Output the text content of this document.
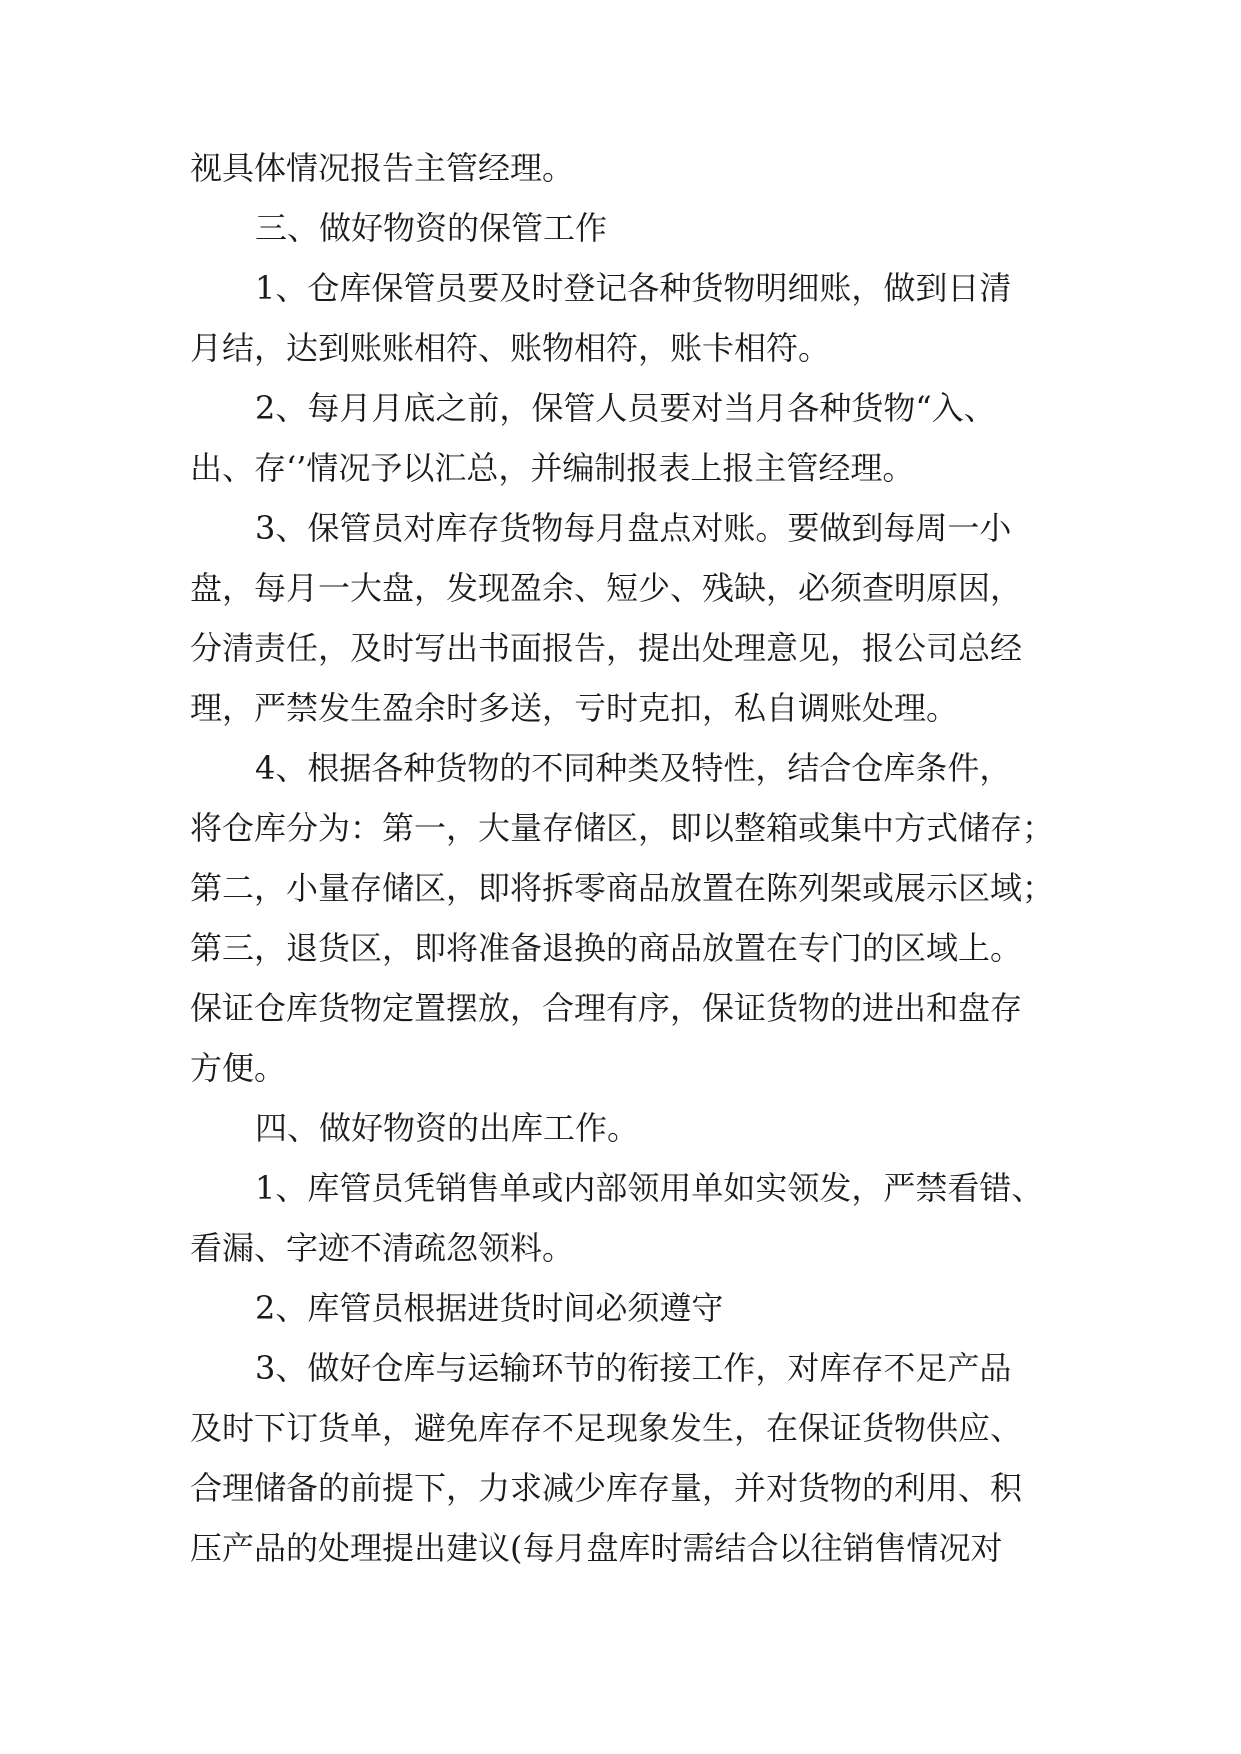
视具体情况报告主管经理。
三、做好物资的保管工作
1、仓库保管员要及时登记各种货物明细账，做到日清
月结，达到账账相符、账物相符，账卡相符。
2、每月月底之前，保管人员要对当月各种货物“入、
出、存‘’情况予以汇总，并编制报表上报主管经理。
3、保管员对库存货物每月盘点对账。要做到每周一小
盘，每月一大盘，发现盈余、短少、残缺，必须查明原因，
分清责任，及时写出书面报告，提出处理意见，报公司总经
理，严禁发生盈余时多送，亏时克扣，私自调账处理。
4、根据各种货物的不同种类及特性，结合仓库条件，
将仓库分为：第一，大量存储区，即以整箱或集中方式储存；
第二，小量存储区，即将拆零商品放置在陈列架或展示区域；
第三，退货区，即将准备退换的商品放置在专门的区域上。
保证仓库货物定置摆放，合理有序，保证货物的进出和盘存
方便。
四、做好物资的出库工作。
1、库管员凭销售单或内部领用单如实领发，严禁看错、
看漏、字迹不清疏忽领料。
2、库管员根据进货时间必须遵守
3、做好仓库与运输环节的衔接工作，对库存不足产品
及时下订货单，避免库存不足现象发生，在保证货物供应、
合理储备的前提下，力求减少库存量，并对货物的利用、积
压产品的处理提出建议(每月盘库时需结合以往销售情况对
